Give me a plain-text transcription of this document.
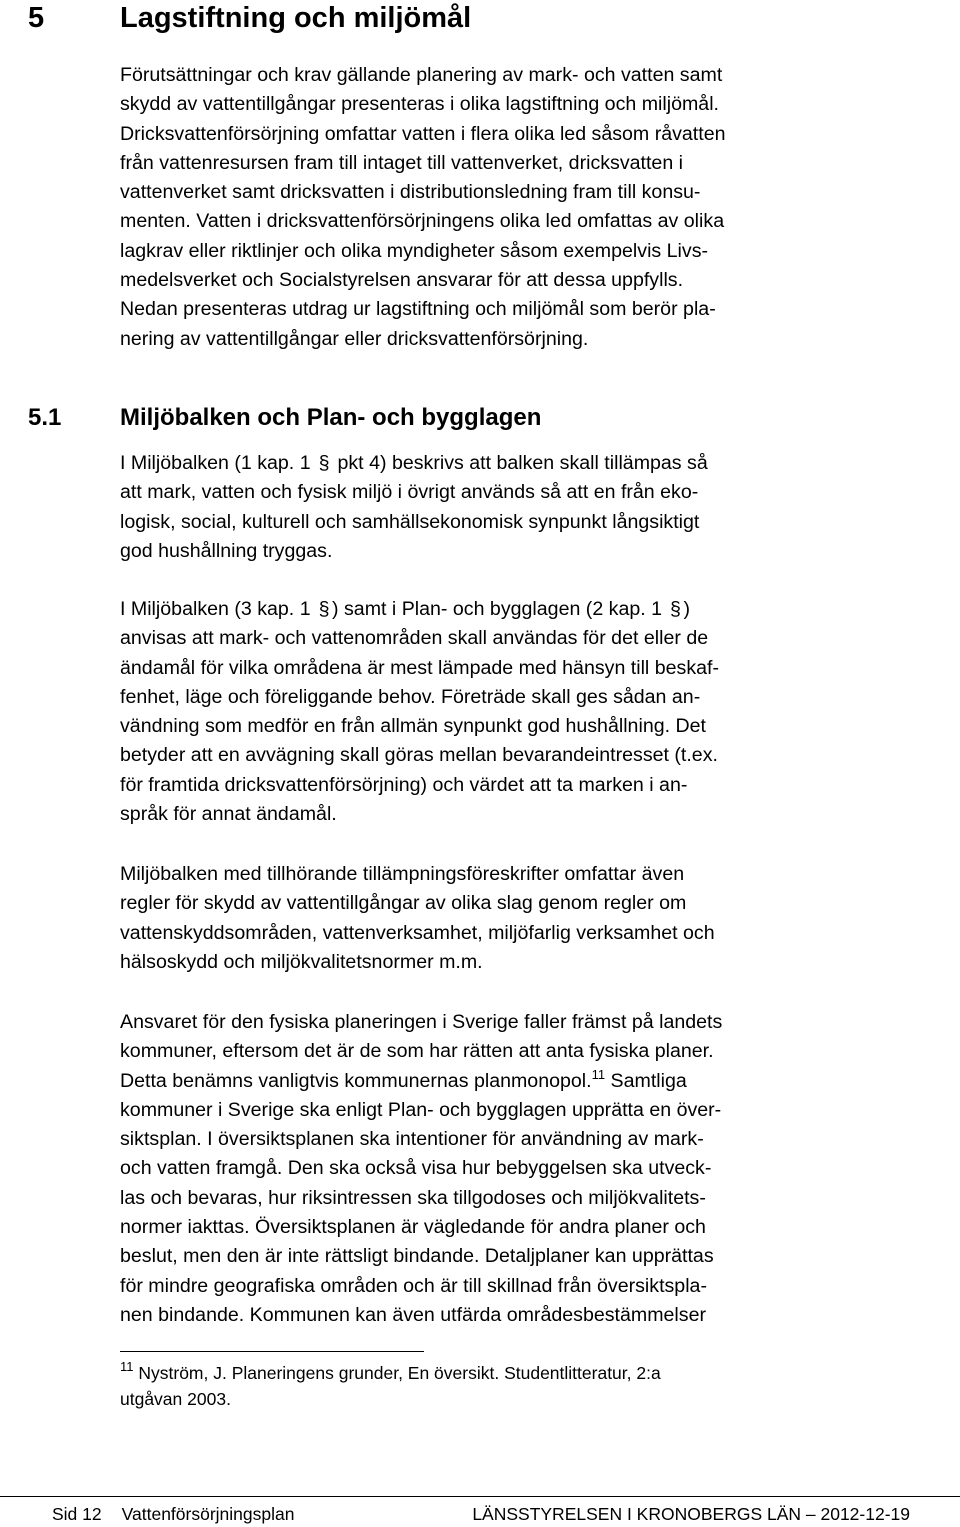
5	Lagstiftning och miljömål
Förutsättningar och krav gällande planering av mark- och vatten samt
skydd av vattentillgångar presenteras i olika lagstiftning och miljömål.
Dricksvattenförsörjning omfattar vatten i flera olika led såsom råvatten
från vattenresursen fram till intaget till vattenverket, dricksvatten i
vattenverket samt dricksvatten i distributionsledning fram till konsu-
menten. Vatten i dricksvattenförsörjningens olika led omfattas av olika
lagkrav eller riktlinjer och olika myndigheter såsom exempelvis Livs-
medelsverket och Socialstyrelsen ansvarar för att dessa uppfylls.
Nedan presenteras utdrag ur lagstiftning och miljömål som berör pla-
nering av vattentillgångar eller dricksvattenförsörjning.
5.1 Miljöbalken och Plan- och bygglagen
I Miljöbalken (1 kap. 1 § pkt 4) beskrivs att balken skall tillämpas så
att mark, vatten och fysisk miljö i övrigt används så att en från eko-
logisk, social, kulturell och samhällsekonomisk synpunkt långsiktigt
god hushållning tryggas.
I Miljöbalken (3 kap. 1 § ) samt i Plan- och bygglagen (2 kap. 1 § )
anvisas att mark- och vattenområden skall användas för det eller de
ändamål för vilka områdena är mest lämpade med hänsyn till beskaf-
fenhet, läge och föreliggande behov. Företräde skall ges sådan an-
vändning som medför en från allmän synpunkt god hushållning. Det
betyder att en avvägning skall göras mellan bevarandeintresset (t.ex.
för framtida dricksvattenförsörjning) och värdet att ta marken i an-
språk för annat ändamål.
Miljöbalken med tillhörande tillämpningsföreskrifter omfattar även
regler för skydd av vattentillgångar av olika slag genom regler om
vattenskyddsområden, vattenverksamhet, miljöfarlig verksamhet och
hälsoskydd och miljökvalitetsnormer m.m.
Ansvaret för den fysiska planeringen i Sverige faller främst på landets
kommuner, eftersom det är de som har rätten att anta fysiska planer.
Detta benämns vanligtvis kommunernas planmonopol.$^{11}$ Samtliga
kommuner i Sverige ska enligt Plan- och bygglagen upprätta en över-
siktsplan. I översiktsplanen ska intentioner för användning av mark-
och vatten framgå. Den ska också visa hur bebyggelsen ska utveck-
las och bevaras, hur riksintressen ska tillgodoses och miljökvalitets-
normer iakttas. Översiktsplanen är vägledande för andra planer och
beslut, men den är inte rättsligt bindande. Detaljplaner kan upprättas
för mindre geografiska områden och är till skillnad från översiktspla-
nen bindande. Kommunen kan även utfärda områdesbestämmelser
$^{11}$ Nyström, J. Planeringens grunder, En översikt. Studentlitteratur, 2:a
utgåvan 2003.
Sid 12 Vattenförsörjningsplan	LÄNSSTYRELSEN I KRONOBERGS LÄN – 2012-12-19
